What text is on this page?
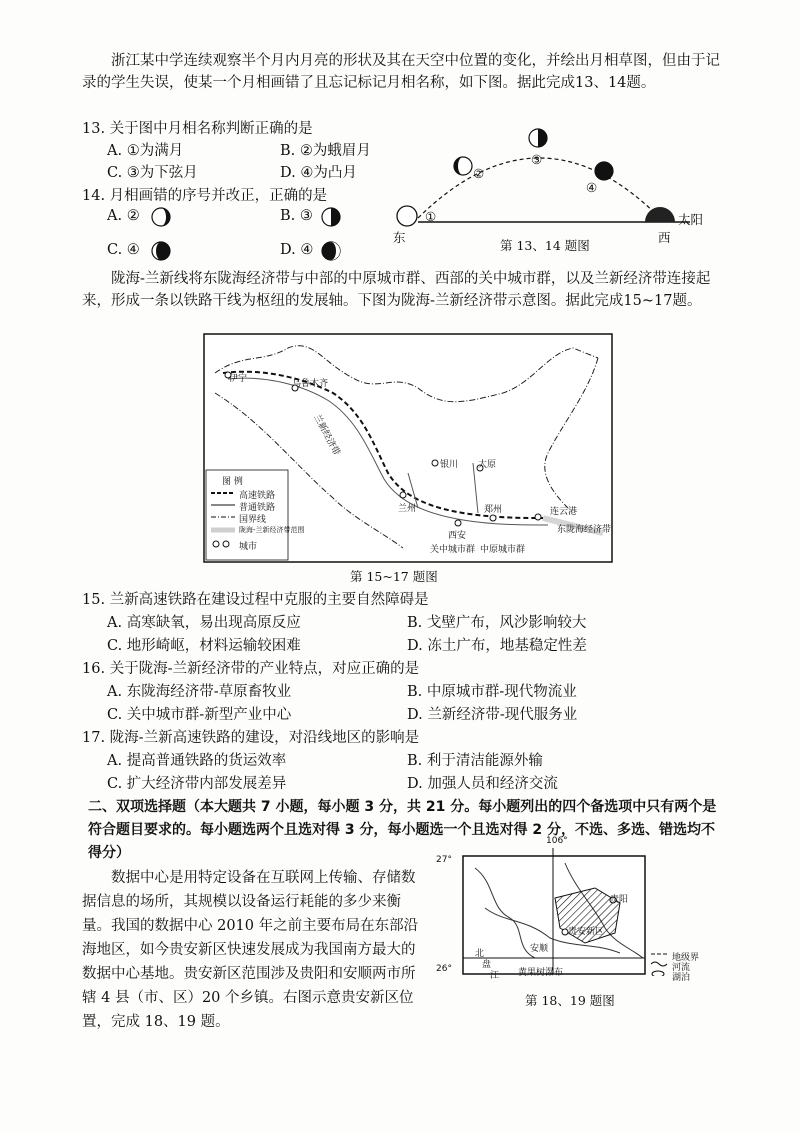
浙江某中学连续观察半个月内月亮的形状及其在天空中位置的变化，并绘出月相草图，但由于记录的学生失误，使某一个月相画错了且忘记标记月相名称，如下图。据此完成13、14题。
13. 关于图中月相名称判断正确的是
A. ①为满月	B. ②为蛾眉月
C. ③为下弦月	D. ④为凸月
14. 月相画错的序号并改正，正确的是
A. ②	B. ③
C. ④	D. ④
①
②
③
④
东	西
太阳
第 13、14 题图
陇海-兰新线将东陇海经济带与中部的中原城市群、西部的关中城市群，以及兰新经济带连接起来，形成一条以铁路干线为枢纽的发展轴。下图为陇海-兰新经济带示意图。据此完成15~17题。
伊宁	乌鲁木齐
银川 太原
兰州	郑州	连云港
西安
兰新经济带
东陇海经济带
关中城市群 中原城市群
图 例
高速铁路
普通铁路
国界线
陇海-兰新经济带范围
城市
第 15~17 题图
15. 兰新高速铁路在建设过程中克服的主要自然障碍是
A. 高寒缺氧，易出现高原反应	B. 戈壁广布，风沙影响较大
C. 地形崎岖，材料运输较困难	D. 冻土广布，地基稳定性差
16. 关于陇海-兰新经济带的产业特点，对应正确的是
A. 东陇海经济带-草原畜牧业	B. 中原城市群-现代物流业
C. 关中城市群-新型产业中心	D. 兰新经济带-现代服务业
17. 陇海-兰新高速铁路的建设，对沿线地区的影响是
A. 提高普通铁路的货运效率	B. 利于清洁能源外输
C. 扩大经济带内部发展差异	D. 加强人员和经济交流
二、双项选择题（本大题共 7 小题，每小题 3 分，共 21 分。每小题列出的四个备选项中只有两个是符合题目要求的。每小题选两个且选对得 3 分，每小题选一个且选对得 2 分，不选、多选、错选均不得分）
数据中心是用特定设备在互联网上传输、存储数据信息的场所，其规模以设备运行耗能的多少来衡量。我国的数据中心 2010 年之前主要布局在东部沿海地区，如今贵安新区快速发展成为我国南方最大的数据中心基地。贵安新区范围涉及贵阳和安顺两市所辖 4 县（市、区）20 个乡镇。右图示意贵安新区位置，完成 18、19 题。
106°
27°
26°
贵阳
安顺
贵安新区
北
盘
江 黄果树瀑布
地级界
河流
湖泊
第 18、19 题图
